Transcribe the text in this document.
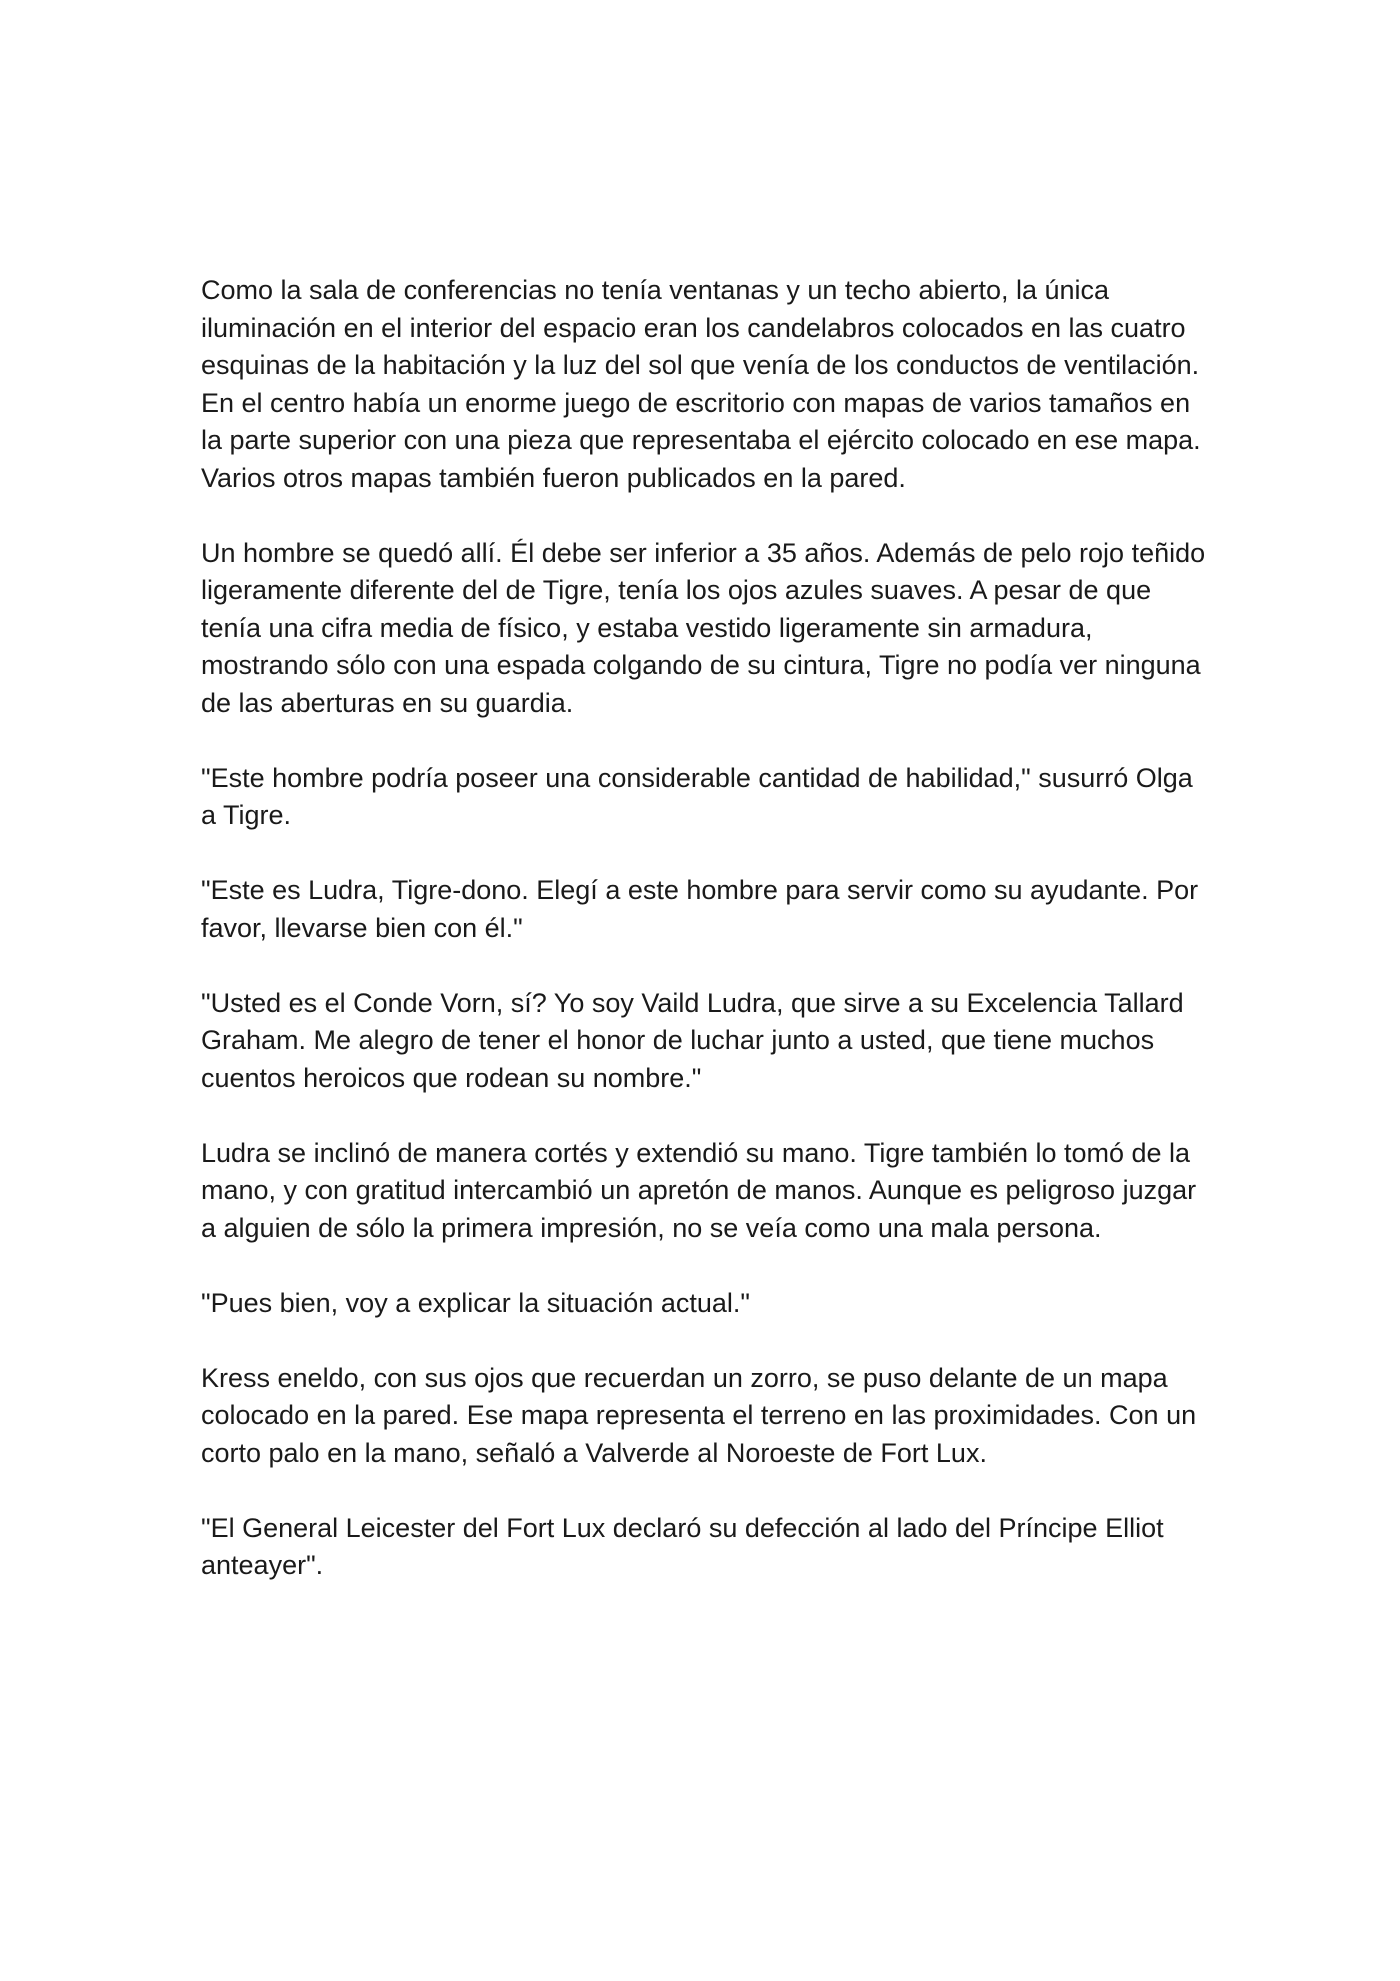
Como la sala de conferencias no tenía ventanas y un techo abierto, la única iluminación en el interior del espacio eran los candelabros colocados en las cuatro esquinas de la habitación y la luz del sol que venía de los conductos de ventilación. En el centro había un enorme juego de escritorio con mapas de varios tamaños en la parte superior con una pieza que representaba el ejército colocado en ese mapa. Varios otros mapas también fueron publicados en la pared.

Un hombre se quedó allí. Él debe ser inferior a 35 años. Además de pelo rojo teñido ligeramente diferente del de Tigre, tenía los ojos azules suaves. A pesar de que tenía una cifra media de físico, y estaba vestido ligeramente sin armadura, mostrando sólo con una espada colgando de su cintura, Tigre no podía ver ninguna de las aberturas en su guardia.

"Este hombre podría poseer una considerable cantidad de habilidad," susurró Olga a Tigre.

"Este es Ludra, Tigre-dono. Elegí a este hombre para servir como su ayudante. Por favor, llevarse bien con él."

"Usted es el Conde Vorn, sí? Yo soy Vaild Ludra, que sirve a su Excelencia Tallard Graham. Me alegro de tener el honor de luchar junto a usted, que tiene muchos cuentos heroicos que rodean su nombre."

Ludra se inclinó de manera cortés y extendió su mano. Tigre también lo tomó de la mano, y con gratitud intercambió un apretón de manos. Aunque es peligroso juzgar a alguien de sólo la primera impresión, no se veía como una mala persona.

"Pues bien, voy a explicar la situación actual."

Kress eneldo, con sus ojos que recuerdan un zorro, se puso delante de un mapa colocado en la pared. Ese mapa representa el terreno en las proximidades. Con un corto palo en la mano, señaló a Valverde al Noroeste de Fort Lux.

"El General Leicester del Fort Lux declaró su defección al lado del Príncipe Elliot anteayer".
